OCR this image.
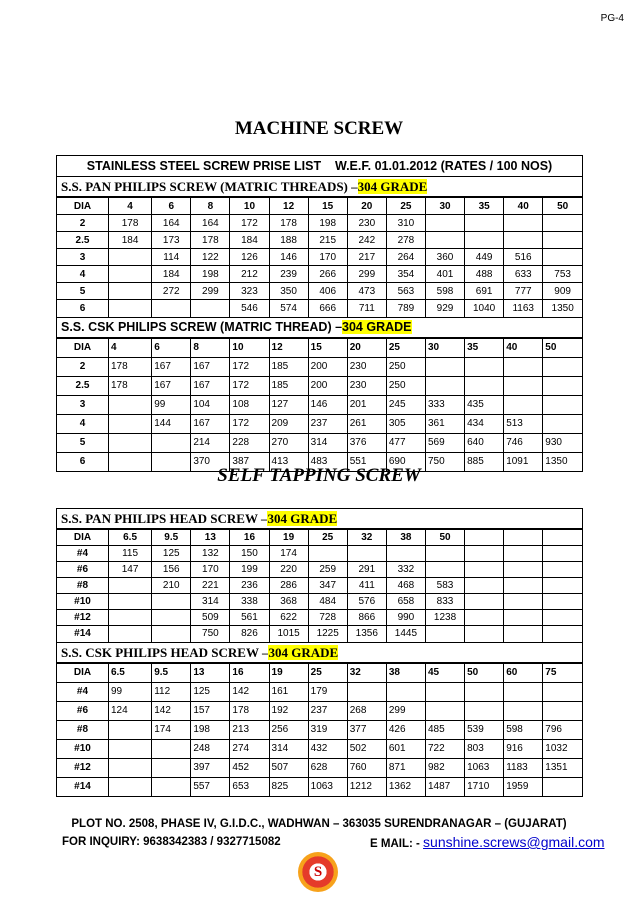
PG-4
MACHINE SCREW
STAINLESS STEEL SCREW PRISE LIST    W.E.F. 01.01.2012 (RATES / 100 NOS)
S.S. PAN PHILIPS SCREW (MATRIC THREADS) –304 GRADE
DIA	4	6	8	10	12	15	20	25	30	35	40	50
2	178	164	164	172	178	198	230	310				
2.5	184	173	178	184	188	215	242	278				
3		114	122	126	146	170	217	264	360	449	516	
4		184	198	212	239	266	299	354	401	488	633	753
5		272	299	323	350	406	473	563	598	691	777	909
6				546	574	666	711	789	929	1040	1163	1350
S.S. CSK PHILIPS SCREW (MATRIC THREAD) –304 GRADE
DIA	4	6	8	10	12	15	20	25	30	35	40	50
2	178	167	167	172	185	200	230	250				
2.5	178	167	167	172	185	200	230	250				
3		99	104	108	127	146	201	245	333	435		
4		144	167	172	209	237	261	305	361	434	513	
5			214	228	270	314	376	477	569	640	746	930
6			370	387	413	483	551	690	750	885	1091	1350
SELF TAPPING SCREW
S.S. PAN PHILIPS HEAD SCREW –304 GRADE
DIA	6.5	9.5	13	16	19	25	32	38	50			
#4	115	125	132	150	174							
#6	147	156	170	199	220	259	291	332				
#8		210	221	236	286	347	411	468	583			
#10			314	338	368	484	576	658	833			
#12			509	561	622	728	866	990	1238			
#14			750	826	1015	1225	1356	1445				
S.S. CSK PHILIPS HEAD SCREW –304 GRADE
DIA	6.5	9.5	13	16	19	25	32	38	45	50	60	75
#4	99	112	125	142	161	179						
#6	124	142	157	178	192	237	268	299				
#8		174	198	213	256	319	377	426	485	539	598	796
#10			248	274	314	432	502	601	722	803	916	1032
#12			397	452	507	628	760	871	982	1063	1183	1351
#14			557	653	825	1063	1212	1362	1487	1710	1959	
PLOT NO. 2508, PHASE IV, G.I.D.C., WADHWAN – 363035 SURENDRANAGAR – (GUJARAT)
FOR INQUIRY: 9638342383 / 9327715082	E MAIL: - sunshine.screws@gmail.com
S
